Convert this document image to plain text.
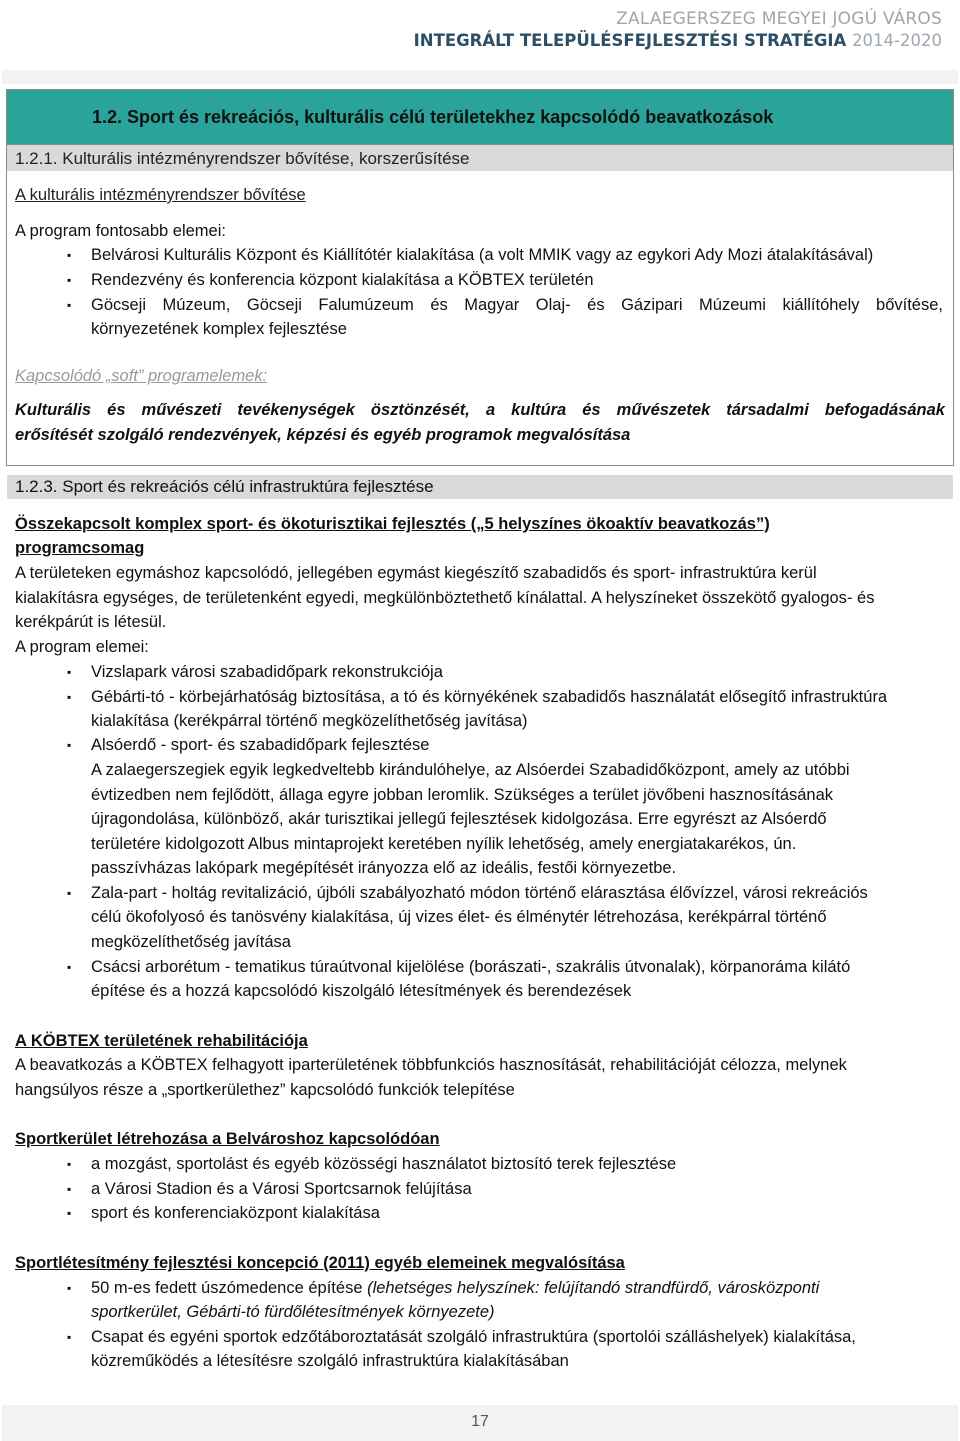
ZALAEGERSZEG MEGYEI JOGÚ VÁROS
INTEGRÁLT TELEPÜLÉSFEJLESZTÉSI STRATÉGIA 2014-2020
1.2. Sport és rekreációs, kulturális célú területekhez kapcsolódó beavatkozások
1.2.1. Kulturális intézményrendszer bővítése, korszerűsítése
A kulturális intézményrendszer bővítése
A program fontosabb elemei:
▪ Belvárosi Kulturális Központ és Kiállítótér kialakítása (a volt MMIK vagy az egykori Ady Mozi átalakításával)
▪ Rendezvény és konferencia központ kialakítása a KÖBTEX területén
▪ Göcseji Múzeum, Göcseji Falumúzeum és Magyar Olaj- és Gázipari Múzeumi kiállítóhely bővítése,
környezetének komplex fejlesztése
Kapcsolódó „soft” programelemek:
Kulturális és művészeti tevékenységek ösztönzését, a kultúra és művészetek társadalmi befogadásának
erősítését szolgáló rendezvények, képzési és egyéb programok megvalósítása
1.2.3. Sport és rekreációs célú infrastruktúra fejlesztése
Összekapcsolt komplex sport- és ökoturisztikai fejlesztés („5 helyszínes ökoaktív beavatkozás”)
programcsomag
A területeken egymáshoz kapcsolódó, jellegében egymást kiegészítő szabadidős és sport- infrastruktúra kerül
kialakításra egységes, de területenként egyedi, megkülönböztethető kínálattal. A helyszíneket összekötő gyalogos- és
kerékpárút is létesül.
A program elemei:
▪ Vizslapark városi szabadidőpark rekonstrukciója
▪ Gébárti-tó - körbejárhatóság biztosítása, a tó és környékének szabadidős használatát elősegítő infrastruktúra
kialakítása (kerékpárral történő megközelíthetőség javítása)
▪ Alsóerdő - sport- és szabadidőpark fejlesztése
A zalaegerszegiek egyik legkedveltebb kirándulóhelye, az Alsóerdei Szabadidőközpont, amely az utóbbi
évtizedben nem fejlődött, állaga egyre jobban leromlik. Szükséges a terület jövőbeni hasznosításának
újragondolása, különböző, akár turisztikai jellegű fejlesztések kidolgozása. Erre egyrészt az Alsóerdő
területére kidolgozott Albus mintaprojekt keretében nyílik lehetőség, amely energiatakarékos, ún.
passzívházas lakópark megépítését irányozza elő az ideális, festői környezetbe.
▪ Zala-part - holtág revitalizáció, újbóli szabályozható módon történő elárasztása élővízzel, városi rekreációs
célú ökofolyosó és tanösvény kialakítása, új vizes élet- és élménytér létrehozása, kerékpárral történő
megközelíthetőség javítása
▪ Csácsi arborétum - tematikus túraútvonal kijelölése (borászati-, szakrális útvonalak), körpanoráma kilátó
építése és a hozzá kapcsolódó kiszolgáló létesítmények és berendezések
A KÖBTEX területének rehabilitációja
A beavatkozás a KÖBTEX felhagyott iparterületének többfunkciós hasznosítását, rehabilitációját célozza, melynek
hangsúlyos része a „sportkerülethez” kapcsolódó funkciók telepítése
Sportkerület létrehozása a Belvároshoz kapcsolódóan
▪ a mozgást, sportolást és egyéb közösségi használatot biztosító terek fejlesztése
▪ a Városi Stadion és a Városi Sportcsarnok felújítása
▪ sport és konferenciaközpont kialakítása
Sportlétesítmény fejlesztési koncepció (2011) egyéb elemeinek megvalósítása
▪ 50 m-es fedett úszómedence építése (lehetséges helyszínek: felújítandó strandfürdő, városközponti
sportkerület, Gébárti-tó fürdőlétesítmények környezete)
▪ Csapat és egyéni sportok edzőtáboroztatását szolgáló infrastruktúra (sportolói szálláshelyek) kialakítása,
közreműködés a létesítésre szolgáló infrastruktúra kialakításában
17
